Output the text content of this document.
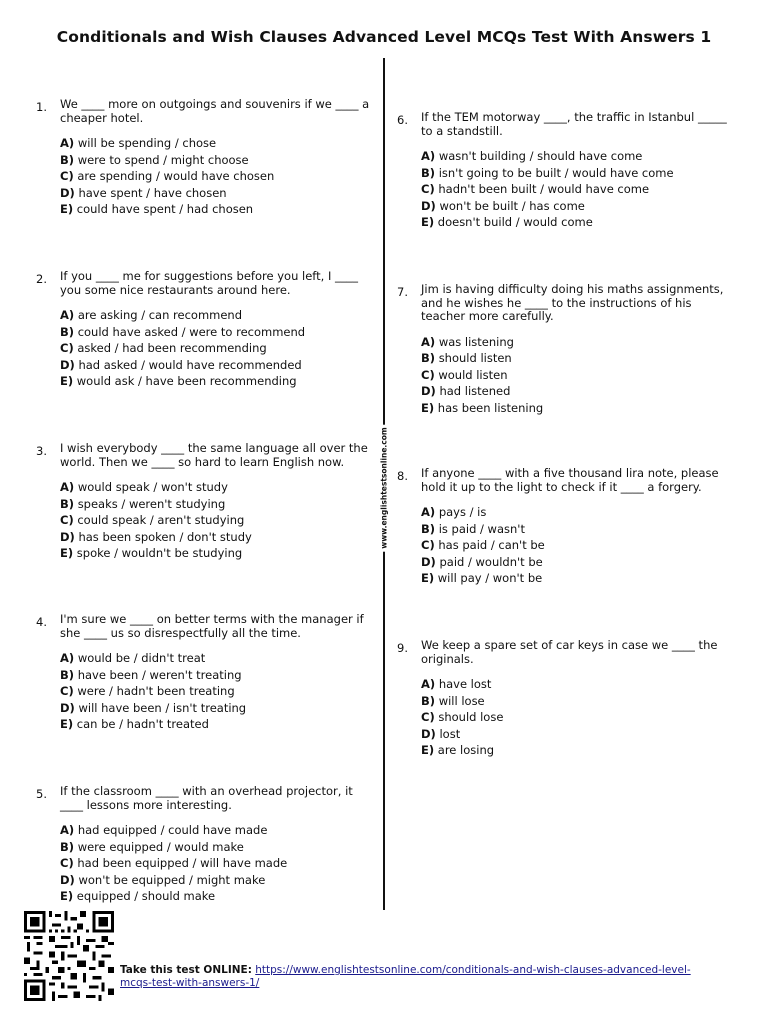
Conditionals and Wish Clauses Advanced Level MCQs Test With Answers 1
www.englishtestsonline.com
1. We ____ more on outgoings and souvenirs if we ____ a cheaper hotel.
A) will be spending / chose
B) were to spend / might choose
C) are spending / would have chosen
D) have spent / have chosen
E) could have spent / had chosen
2. If you ____ me for suggestions before you left, I ____ you some nice restaurants around here.
A) are asking / can recommend
B) could have asked / were to recommend
C) asked / had been recommending
D) had asked / would have recommended
E) would ask / have been recommending
3. I wish everybody ____ the same language all over the world. Then we ____ so hard to learn English now.
A) would speak / won't study
B) speaks / weren't studying
C) could speak / aren't studying
D) has been spoken / don't study
E) spoke / wouldn't be studying
4. I'm sure we ____ on better terms with the manager if she ____ us so disrespectfully all the time.
A) would be / didn't treat
B) have been / weren't treating
C) were / hadn't been treating
D) will have been / isn't treating
E) can be / hadn't treated
5. If the classroom ____ with an overhead projector, it ____ lessons more interesting.
A) had equipped / could have made
B) were equipped / would make
C) had been equipped / will have made
D) won't be equipped / might make
E) equipped / should make
6. If the TEM motorway ____, the traffic in Istanbul _____ to a standstill.
A) wasn't building / should have come
B) isn't going to be built / would have come
C) hadn't been built / would have come
D) won't be built / has come
E) doesn't build / would come
7. Jim is having difficulty doing his maths assignments, and he wishes he ____ to the instructions of his teacher more carefully.
A) was listening
B) should listen
C) would listen
D) had listened
E) has been listening
8. If anyone ____ with a five thousand lira note, please hold it up to the light to check if it ____ a forgery.
A) pays / is
B) is paid / wasn't
C) has paid / can't be
D) paid / wouldn't be
E) will pay / won't be
9. We keep a spare set of car keys in case we ____ the originals.
A) have lost
B) will lose
C) should lose
D) lost
E) are losing
Take this test ONLINE: https://www.englishtestsonline.com/conditionals-and-wish-clauses-advanced-level-mcqs-test-with-answers-1/
